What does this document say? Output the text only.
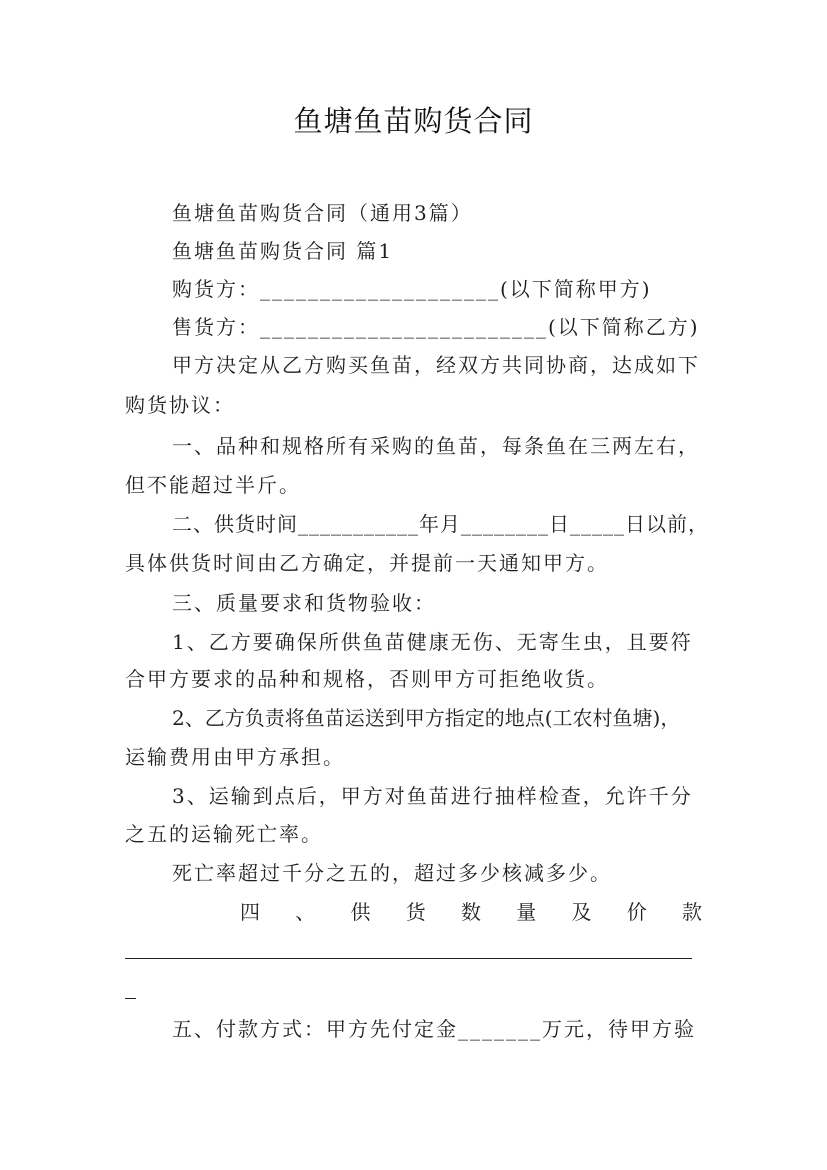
鱼塘鱼苗购货合同
鱼塘鱼苗购货合同（通用3篇）
鱼塘鱼苗购货合同 篇1
购货方：____________________(以下简称甲方)
售货方：________________________(以下简称乙方)
甲方决定从乙方购买鱼苗，经双方共同协商，达成如下
购货协议：
一、品种和规格所有采购的鱼苗，每条鱼在三两左右，
但不能超过半斤。
二、供货时间___________年月________日_____日以前，
具体供货时间由乙方确定，并提前一天通知甲方。
三、质量要求和货物验收：
1、乙方要确保所供鱼苗健康无伤、无寄生虫，且要符
合甲方要求的品种和规格，否则甲方可拒绝收货。
2、乙方负责将鱼苗运送到甲方指定的地点(工农村鱼塘)，
运输费用由甲方承担。
3、运输到点后，甲方对鱼苗进行抽样检查，允许千分
之五的运输死亡率。
死亡率超过千分之五的，超过多少核减多少。
四 、 供 货 数 量 及 价 款
五、付款方式：甲方先付定金_______万元，待甲方验
